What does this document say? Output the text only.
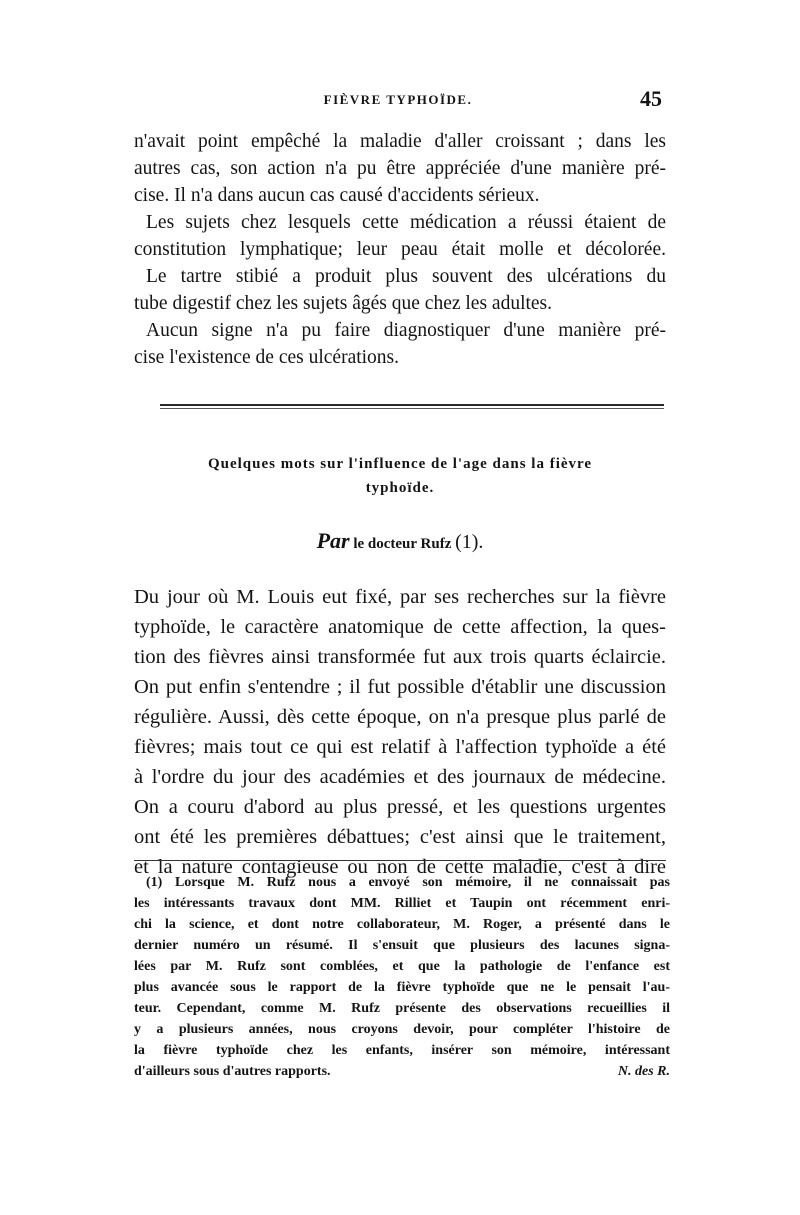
FIÈVRE TYPHOÏDE.	45
n'avait point empêché la maladie d'aller croissant ; dans les
autres cas, son action n'a pu être appréciée d'une manière pré-
cise. Il n'a dans aucun cas causé d'accidents sérieux.
Les sujets chez lesquels cette médication a réussi étaient de
constitution lymphatique; leur peau était molle et décolorée.
Le tartre stibié a produit plus souvent des ulcérations du
tube digestif chez les sujets âgés que chez les adultes.
Aucun signe n'a pu faire diagnostiquer d'une manière pré-
cise l'existence de ces ulcérations.
Quelques mots sur l'influence de l'age dans la fièvre
typhoïde.
Par le docteur Rufz (1).
Du jour où M. Louis eut fixé, par ses recherches sur la fièvre
typhoïde, le caractère anatomique de cette affection, la ques-
tion des fièvres ainsi transformée fut aux trois quarts éclaircie.
On put enfin s'entendre ; il fut possible d'établir une discussion
régulière. Aussi, dès cette époque, on n'a presque plus parlé de
fièvres; mais tout ce qui est relatif à l'affection typhoïde a été
à l'ordre du jour des académies et des journaux de médecine.
On a couru d'abord au plus pressé, et les questions urgentes
ont été les premières débattues; c'est ainsi que le traitement,
et la nature contagieuse ou non de cette maladie, c'est à dire
(1) Lorsque M. Rufz nous a envoyé son mémoire, il ne connaissait pas
les intéressants travaux dont MM. Rilliet et Taupin ont récemment enri-
chi la science, et dont notre collaborateur, M. Roger, a présenté dans le
dernier numéro un résumé. Il s'ensuit que plusieurs des lacunes signa-
lées par M. Rufz sont comblées, et que la pathologie de l'enfance est
plus avancée sous le rapport de la fièvre typhoïde que ne le pensait l'au-
teur. Cependant, comme M. Rufz présente des observations recueillies il
y a plusieurs années, nous croyons devoir, pour compléter l'histoire de
la fièvre typhoïde chez les enfants, insérer son mémoire, intéressant
d'ailleurs sous d'autres rapports.	N. des R.
